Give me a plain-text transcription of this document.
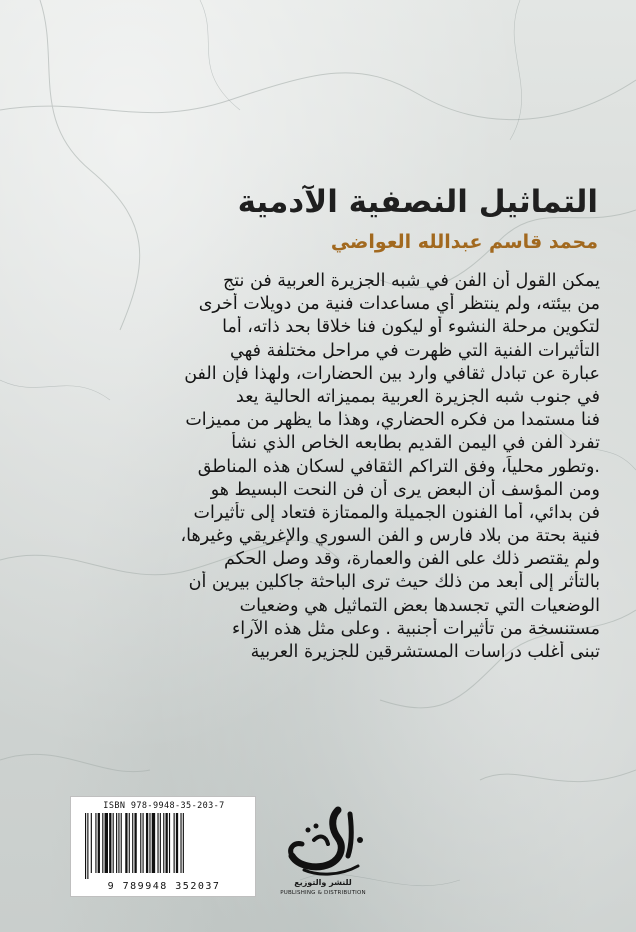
التماثيل النصفية الآدمية
محمد قاسم عبدالله العواضي
يمكن القول أن الفن في شبه الجزيرة العربية فن نتج
من بيئته، ولم ينتظر أي مساعدات فنية من دويلات أخرى
لتكوين مرحلة النشوء أو ليكون فنا خلاقا بحد ذاته، أما
التأثيرات الفنية التي ظهرت في مراحل مختلفة فهي
عبارة عن تبادل ثقافي وارد بين الحضارات، ولهذا فإن الفن
في جنوب شبه الجزيرة العربية بمميزاته الحالية يعد
فنا مستمدا من فكره الحضاري، وهذا ما يظهر من مميزات
تفرد الفن في اليمن القديم بطابعه الخاص الذي نشأ
.وتطور محلياً، وفق التراكم الثقافي لسكان هذه المناطق
ومن المؤسف أن البعض يرى أن فن النحت البسيط هو
فن بدائي، أما الفنون الجميلة والممتازة فتعاد إلى تأثيرات
فنية بحتة من بلاد فارس و الفن السوري والإغريقي وغيرها،
ولم يقتصر ذلك على الفن والعمارة، وقد وصل الحكم
بالتأثر إلى أبعد من ذلك حيث ترى الباحثة جاكلين بيرين أن
الوضعيات التي تجسدها بعض التماثيل هي وضعيات
مستنسخة من تأثيرات أجنبية . وعلى مثل هذه الآراء
تبنى أغلب دراسات المستشرقين للجزيرة العربية
ISBN 978-9948-35-203-7
9 789948 352037	للنشر والتوزيع
PUBLISHING & DISTRIBUTION
